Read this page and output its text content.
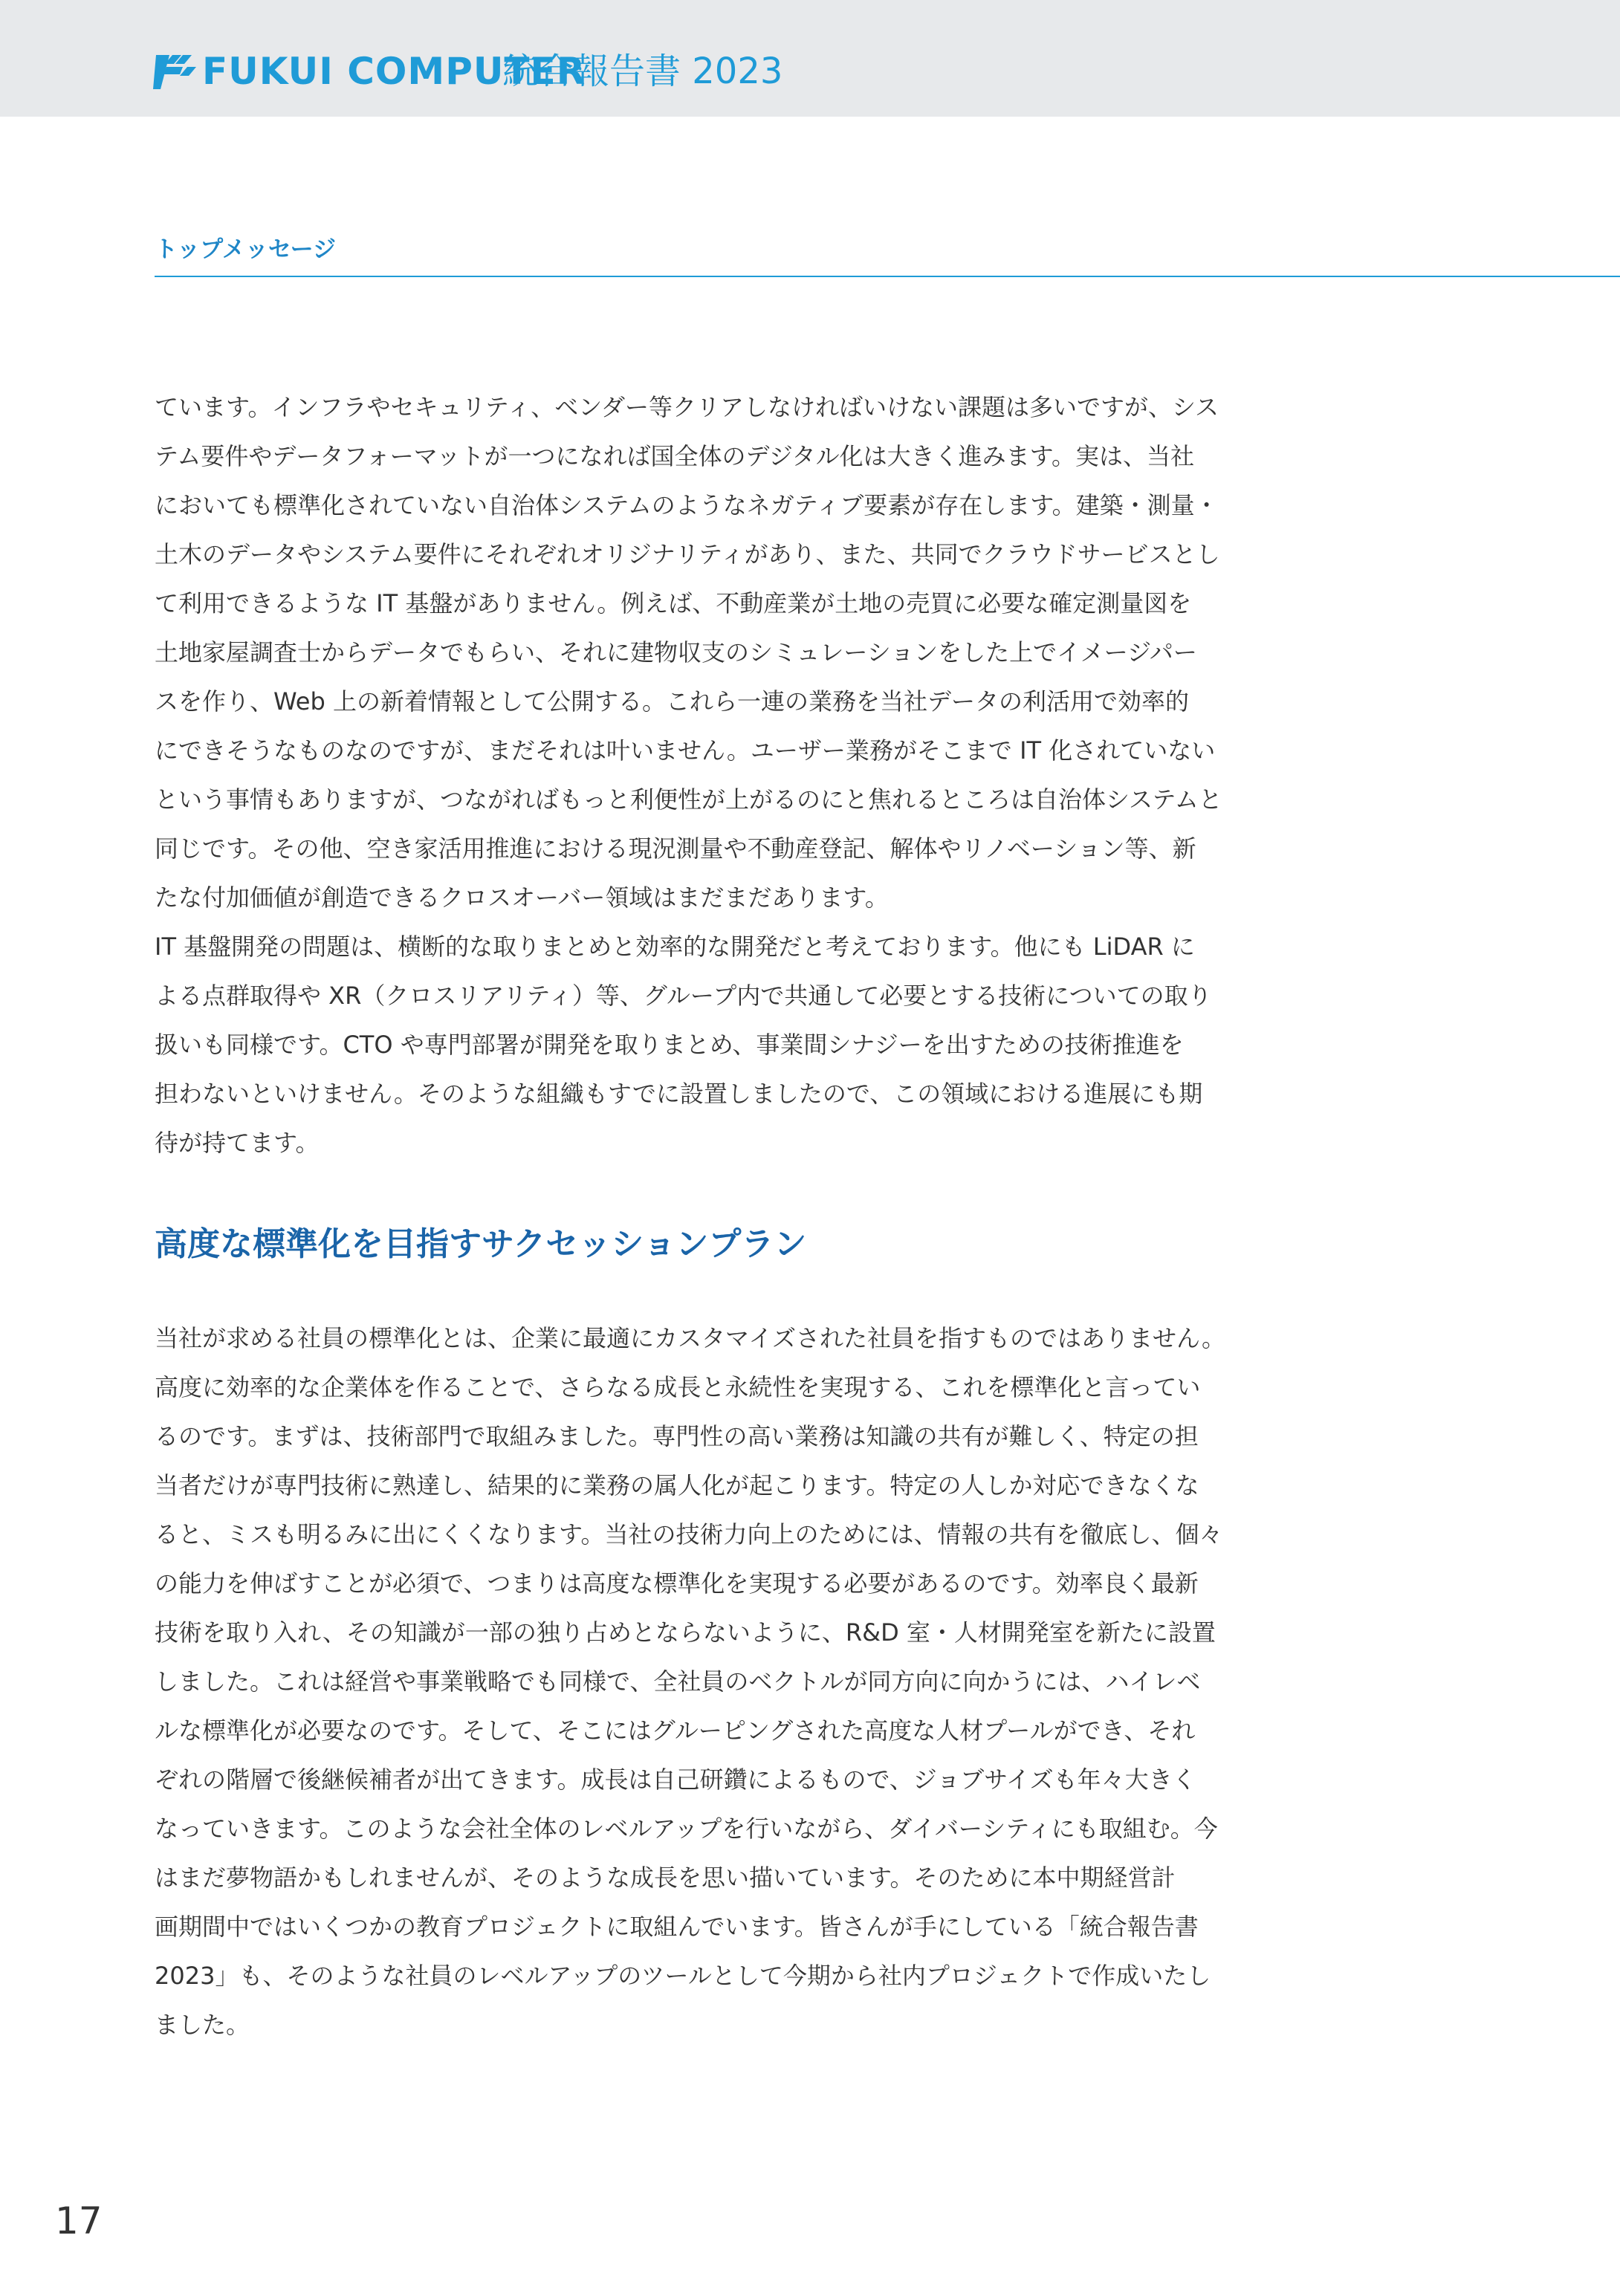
FUKUI COMPUTER
統合報告書 2023
トップメッセージ

ています。インフラやセキュリティ、ベンダー等クリアしなければいけない課題は多いですが、シス

テム要件やデータフォーマットが一つになれば国全体のデジタル化は大きく進みます。実は、当社

においても標準化されていない自治体システムのようなネガティブ要素が存在します。建築・測量・

土木のデータやシステム要件にそれぞれオリジナリティがあり、また、共同でクラウドサービスとし

て利用できるような IT 基盤がありません。例えば、不動産業が土地の売買に必要な確定測量図を

土地家屋調査士からデータでもらい、それに建物収支のシミュレーションをした上でイメージパー

スを作り、Web 上の新着情報として公開する。これら一連の業務を当社データの利活用で効率的

にできそうなものなのですが、まだそれは叶いません。ユーザー業務がそこまで IT 化されていない

という事情もありますが、つながればもっと利便性が上がるのにと焦れるところは自治体システムと

同じです。その他、空き家活用推進における現況測量や不動産登記、解体やリノベーション等、新

たな付加価値が創造できるクロスオーバー領域はまだまだあります。

IT 基盤開発の問題は、横断的な取りまとめと効率的な開発だと考えております。他にも LiDAR に

よる点群取得や XR（クロスリアリティ）等、グループ内で共通して必要とする技術についての取り

扱いも同様です。CTO や専門部署が開発を取りまとめ、事業間シナジーを出すための技術推進を

担わないといけません。そのような組織もすでに設置しましたので、この領域における進展にも期

待が持てます。

高度な標準化を目指すサクセッションプラン

当社が求める社員の標準化とは、企業に最適にカスタマイズされた社員を指すものではありません。

高度に効率的な企業体を作ることで、さらなる成長と永続性を実現する、これを標準化と言ってい

るのです。まずは、技術部門で取組みました。専門性の高い業務は知識の共有が難しく、特定の担

当者だけが専門技術に熟達し、結果的に業務の属人化が起こります。特定の人しか対応できなくな

ると、ミスも明るみに出にくくなります。当社の技術力向上のためには、情報の共有を徹底し、個々

の能力を伸ばすことが必須で、つまりは高度な標準化を実現する必要があるのです。効率良く最新

技術を取り入れ、その知識が一部の独り占めとならないように、R&D 室・人材開発室を新たに設置

しました。これは経営や事業戦略でも同様で、全社員のベクトルが同方向に向かうには、ハイレベ

ルな標準化が必要なのです。そして、そこにはグルーピングされた高度な人材プールができ、それ

ぞれの階層で後継候補者が出てきます。成長は自己研鑽によるもので、ジョブサイズも年々大きく

なっていきます。このような会社全体のレベルアップを行いながら、ダイバーシティにも取組む。今

はまだ夢物語かもしれませんが、そのような成長を思い描いています。そのために本中期経営計

画期間中ではいくつかの教育プロジェクトに取組んでいます。皆さんが手にしている「統合報告書

2023」も、そのような社員のレベルアップのツールとして今期から社内プロジェクトで作成いたし

ました。

17
